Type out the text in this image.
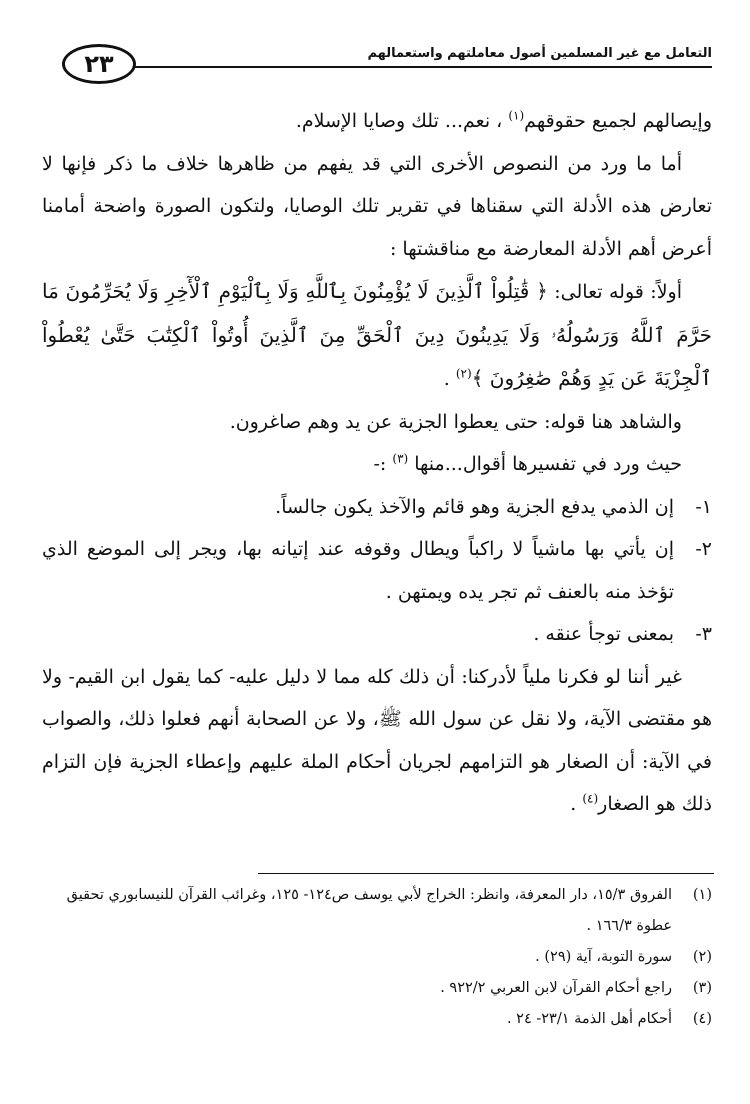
٢٣	التعامل مع غير المسلمين أصول معاملتهم واستعمالهم

وإيصالهم لجميع حقوقهم$^{(١)}$ ، نعم... تلك وصايا الإسلام.

أما ما ورد من النصوص الأخرى التي قد يفهم من ظاهرها خلاف ما ذكر فإنها لا تعارض هذه الأدلة التي سقناها في تقرير تلك الوصايا، ولتكون الصورة واضحة أمامنا أعرض أهم الأدلة المعارضة مع مناقشتها :

أولاً: قوله تعالى: ﴿ قَٰتِلُواْ ٱلَّذِينَ لَا يُؤْمِنُونَ بِٱللَّهِ وَلَا بِٱلْيَوْمِ ٱلْأٓخِرِ وَلَا يُحَرِّمُونَ مَا حَرَّمَ ٱللَّهُ وَرَسُولُهُۥ وَلَا يَدِينُونَ دِينَ ٱلْحَقِّ مِنَ ٱلَّذِينَ أُوتُواْ ٱلْكِتَٰبَ حَتَّىٰ يُعْطُواْ ٱلْجِزْيَةَ عَن يَدٍ وَهُمْ صَٰغِرُونَ ﴾$^{(٢)}$ .

والشاهد هنا قوله: حتى يعطوا الجزية عن يد وهم صاغرون.

حيث ورد في تفسيرها أقوال...منها $^{(٣)}$ :-

١-
إن الذمي يدفع الجزية وهو قائم والآخذ يكون جالساً.

٢-
إن يأتي بها ماشياً لا راكباً ويطال وقوفه عند إتيانه بها، ويجر إلى الموضع الذي تؤخذ منه بالعنف ثم تجر يده ويمتهن .

٣-
بمعنى توجأ عنقه .

غير أننا لو فكرنا ملياً لأدركنا: أن ذلك كله مما لا دليل عليه- كما يقول ابن القيم- ولا هو مقتضى الآية، ولا نقل عن سول الله ﷺ، ولا عن الصحابة أنهم فعلوا ذلك، والصواب في الآية: أن الصغار هو التزامهم لجريان أحكام الملة عليهم وإعطاء الجزية فإن التزام ذلك هو الصغار$^{(٤)}$ .

(١)
الفروق ١٥/٣، دار المعرفة، وانظر: الخراج لأبي يوسف ص١٢٤- ١٢٥، وغرائب القرآن للنيسابوري تحقيق عطوة ١٦٦/٣ .
(٢)
سورة التوبة، آية (٢٩) .
(٣)
راجع أحكام القرآن لابن العربي ٩٢٢/٢ .
(٤)
أحكام أهل الذمة ٢٣/١- ٢٤ .
